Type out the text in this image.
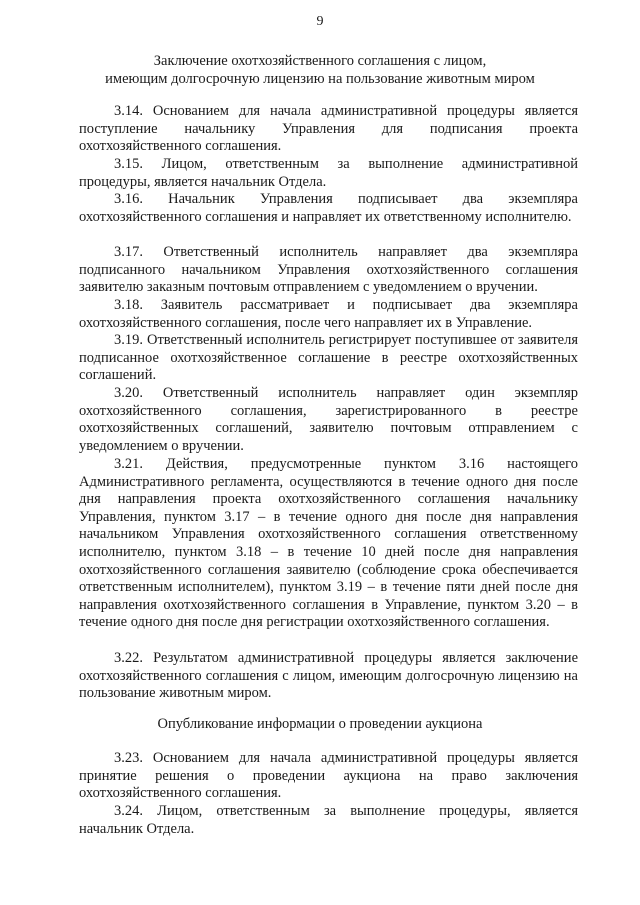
9
Заключение охотхозяйственного соглашения с лицом,
имеющим долгосрочную лицензию на пользование животным миром

3.14. Основанием для начала административной процедуры является поступление начальнику Управления для подписания проекта охотхозяйственного соглашения.

3.15. Лицом, ответственным за выполнение административной процедуры, является начальник Отдела.

3.16. Начальник Управления подписывает два экземпляра охотхозяйственного соглашения и направляет их ответственному исполнителю.

3.17. Ответственный исполнитель направляет два экземпляра подписанного начальником Управления охотхозяйственного соглашения заявителю заказным почтовым отправлением с уведомлением о вручении.

3.18. Заявитель рассматривает и подписывает два экземпляра охотхозяйственного соглашения, после чего направляет их в Управление.

3.19. Ответственный исполнитель регистрирует поступившее от заявителя подписанное охотхозяйственное соглашение в реестре охотхозяйственных соглашений.

3.20. Ответственный исполнитель направляет один экземпляр охотхозяйственного соглашения, зарегистрированного в реестре охотхозяйственных соглашений, заявителю почтовым отправлением с уведомлением о вручении.

3.21. Действия, предусмотренные пунктом 3.16 настоящего Административного регламента, осуществляются в течение одного дня после дня направления проекта охотхозяйственного соглашения начальнику Управления, пунктом 3.17 – в течение одного дня после дня направления начальником Управления охотхозяйственного соглашения ответственному исполнителю, пунктом 3.18 – в течение 10 дней после дня направления охотхозяйственного соглашения заявителю (соблюдение срока обеспечивается ответственным исполнителем), пунктом 3.19 – в течение пяти дней после дня направления охотхозяйственного соглашения в Управление, пунктом 3.20 – в течение одного дня после дня регистрации охотхозяйственного соглашения.

3.22. Результатом административной процедуры является заключение охотхозяйственного соглашения с лицом, имеющим долгосрочную лицензию на пользование животным миром.

Опубликование информации о проведении аукциона

3.23. Основанием для начала административной процедуры является принятие решения о проведении аукциона на право заключения охотхозяйственного соглашения.

3.24. Лицом, ответственным за выполнение процедуры, является начальник Отдела.
